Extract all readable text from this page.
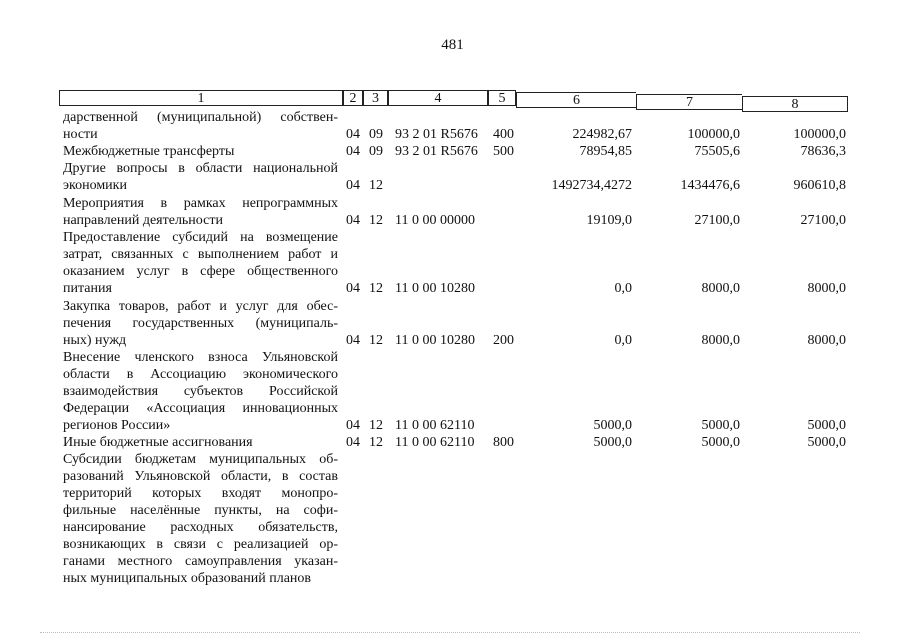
481
1	2	3	4	5	6	7	8
дарственной (муниципальной) собствен-
ности	04 09 93 2 01 R5676 400	224982,67	100000,0	100000,0
Межбюджетные трансферты	04 09 93 2 01 R5676 500	78954,85	75505,6	78636,3
Другие вопросы в области национальной
экономики	04 12	1492734,4272	1434476,6	960610,8
Мероприятия в рамках непрограммных
направлений деятельности	04 12 11 0 00 00000	19109,0	27100,0	27100,0
Предоставление субсидий на возмещение
затрат, связанных с выполнением работ и
оказанием услуг в сфере общественного
питания	04 12 11 0 00 10280	0,0	8000,0	8000,0
Закупка товаров, работ и услуг для обес-
печения государственных (муниципаль-
ных) нужд	04 12 11 0 00 10280 200	0,0	8000,0	8000,0
Внесение членского взноса Ульяновской
области в Ассоциацию экономического
взаимодействия субъектов Российской
Федерации «Ассоциация инновационных
регионов России»	04 12 11 0 00 62110	5000,0	5000,0	5000,0
Иные бюджетные ассигнования	04 12 11 0 00 62110 800	5000,0	5000,0	5000,0
Субсидии бюджетам муниципальных об-
разований Ульяновской области, в состав
территорий которых входят монопро-
фильные населённые пункты, на софи-
нансирование расходных обязательств,
возникающих в связи с реализацией ор-
ганами местного самоуправления указан-
ных муниципальных образований планов
